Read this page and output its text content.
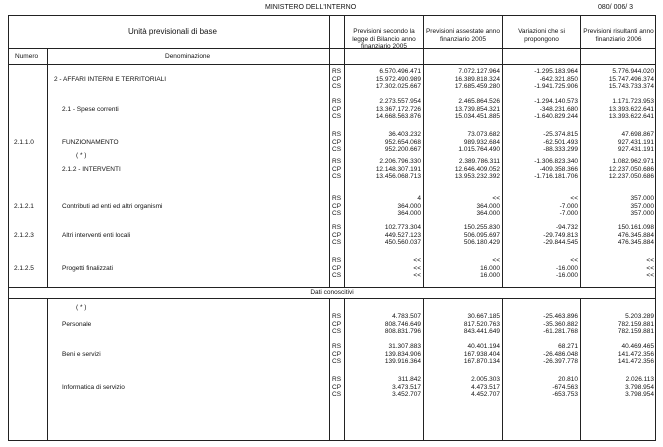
MINISTERO DELL'INTERNO	080/ 006/ 3
Unità previsionali di base
Numero	Denominazione
Previsioni secondo la legge di Bilancio anno finanziario 2005
Previsioni assestate anno finanziario 2005
Variazioni che si propongono
Previsioni risultanti anno finanziario 2006
Dati conoscitivi
( * )
( * )
2 - AFFARI INTERNI E TERRITORIALI
RS	6.570.496.471	7.072.127.964	-1.295.183.964	5.776.944.020
CP	15.972.490.989	16.389.818.324	-642.321.850	15.747.496.374
CS	17.302.025.667	17.685.459.280	-1.941.725.906	15.743.733.374
2.1 - Spese correnti
RS	2.273.557.954	2.465.864.526	-1.294.140.573	1.171.723.953
CP	13.367.172.726	13.739.854.321	-348.231.680	13.393.622.641
CS	14.668.563.876	15.034.451.885	-1.640.829.244	13.393.622.641
2.1.1.0	FUNZIONAMENTO
RS	36.403.232	73.073.682	-25.374.815	47.698.867
CP	952.654.068	989.932.684	-62.501.493	927.431.191
CS	952.200.667	1.015.764.490	-88.333.299	927.431.191
2.1.2 - INTERVENTI
RS	2.206.796.330	2.389.786.311	-1.306.823.340	1.082.962.971
CP	12.148.307.191	12.646.409.052	-409.358.366	12.237.050.686
CS	13.456.068.713	13.953.232.392	-1.716.181.706	12.237.050.686
2.1.2.1	Contributi ad enti ed altri organismi
RS	4	<<	<<	357.000
CP	364.000	364.000	-7.000	357.000
CS	364.000	364.000	-7.000	357.000
2.1.2.3	Altri interventi enti locali
RS	102.773.304	150.255.830	-94.732	150.161.098
CP	449.527.123	506.095.697	-29.749.813	476.345.884
CS	450.560.037	506.180.429	-29.844.545	476.345.884
2.1.2.5	Progetti finalizzati
RS	<<	<<	<<	<<
CP	<<	16.000	-16.000	<<
CS	<<	16.000	-16.000	<<
Personale
RS	4.783.507	30.667.185	-25.463.896	5.203.289
CP	808.746.649	817.520.763	-35.360.882	782.159.881
CS	808.831.796	843.441.649	-61.281.768	782.159.881
Beni e servizi
RS	31.307.883	40.401.194	68.271	40.469.465
CP	139.834.906	167.938.404	-26.486.048	141.472.356
CS	139.916.364	167.870.134	-26.397.778	141.472.356
Informatica di servizio
RS	311.842	2.005.303	20.810	2.026.113
CP	3.473.517	4.473.517	-674.563	3.798.954
CS	3.452.707	4.452.707	-653.753	3.798.954
